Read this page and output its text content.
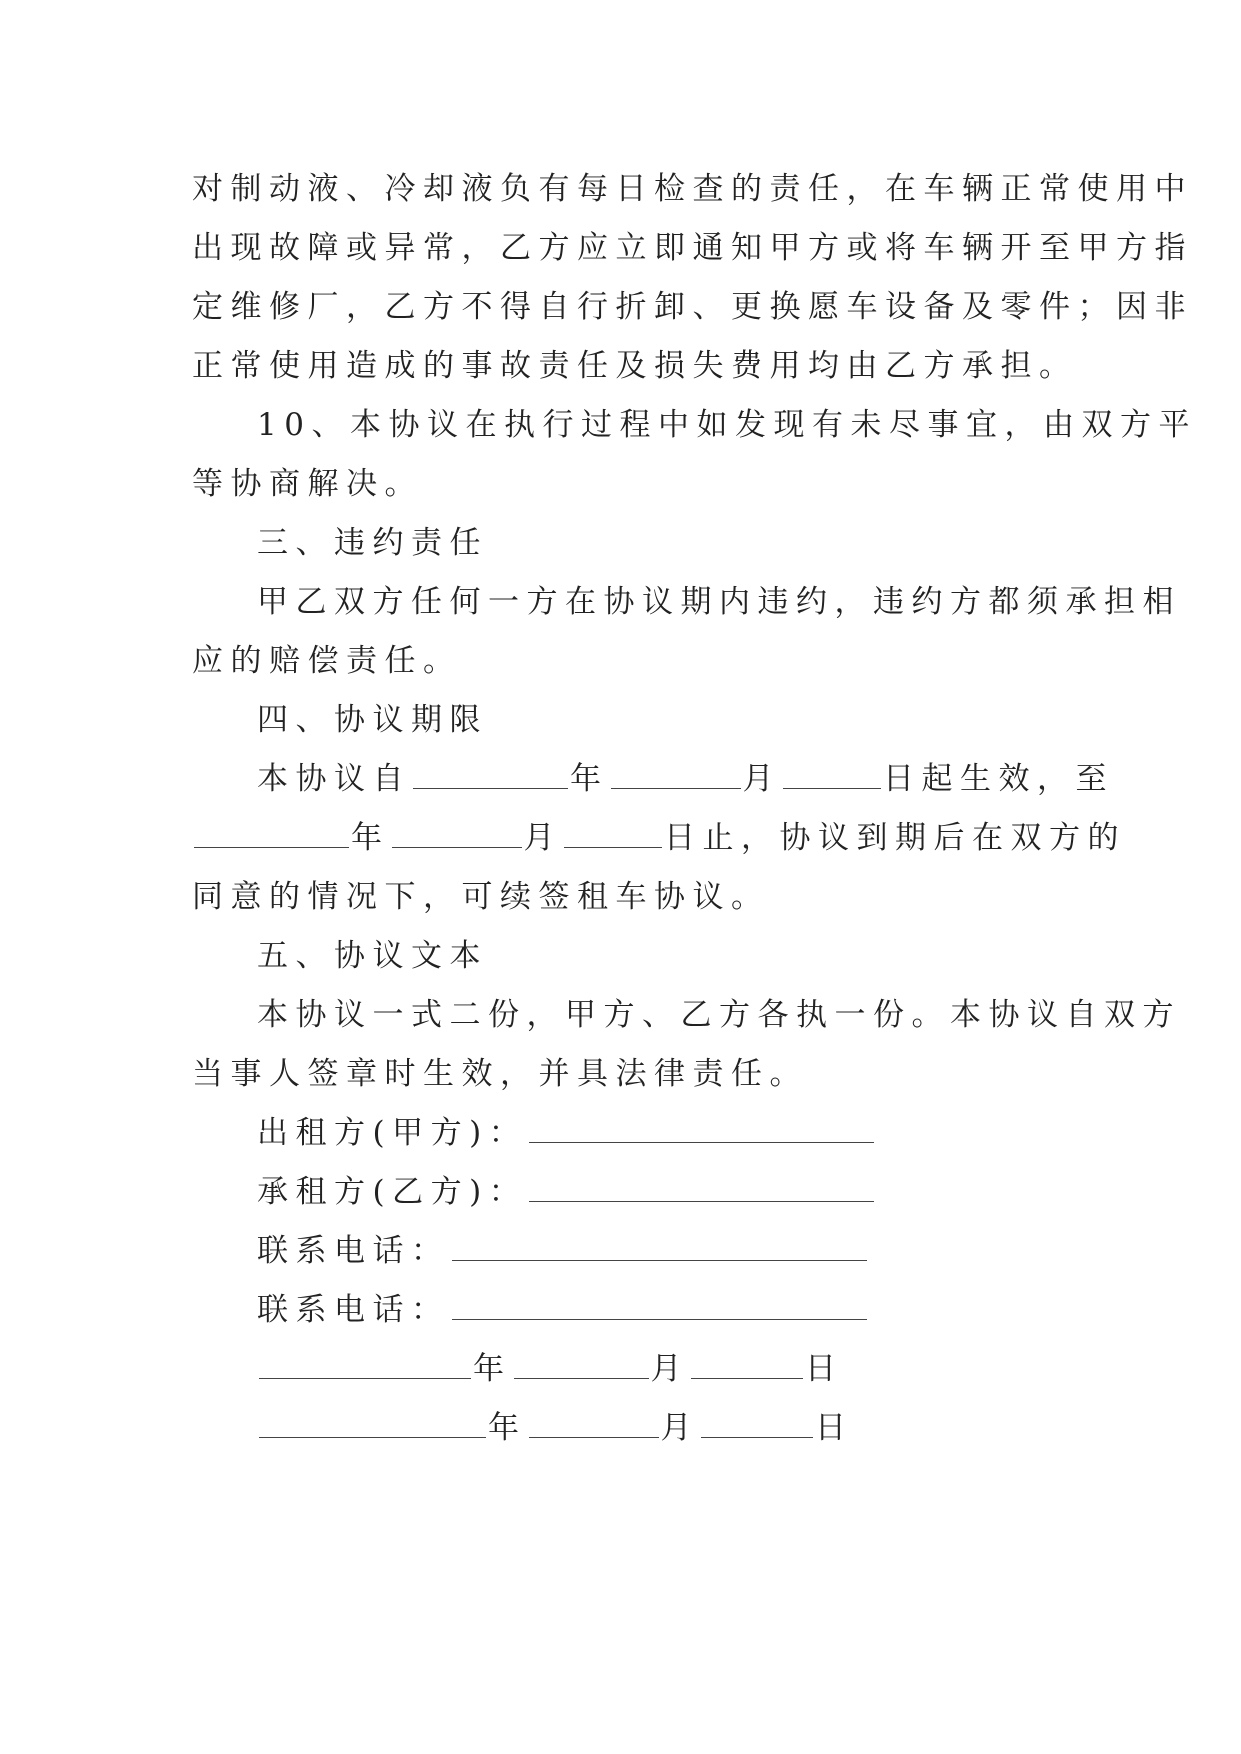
对制动液、冷却液负有每日检查的责任，在车辆正常使用中
出现故障或异常，乙方应立即通知甲方或将车辆开至甲方指
定维修厂，乙方不得自行折卸、更换愿车设备及零件；因非
正常使用造成的事故责任及损失费用均由乙方承担。
10、本协议在执行过程中如发现有未尽事宜，由双方平
等协商解决。
三、违约责任
甲乙双方任何一方在协议期内违约，违约方都须承担相
应的赔偿责任。
四、协议期限
本协议自	年	月	日起生效，至
年	月	日止，协议到期后在双方的
同意的情况下，可续签租车协议。
五、协议文本
本协议一式二份，甲方、乙方各执一份。本协议自双方
当事人签章时生效，并具法律责任。
出租方(甲方)：
承租方(乙方)：
联系电话：
联系电话：
年	月	日
年	月	日
